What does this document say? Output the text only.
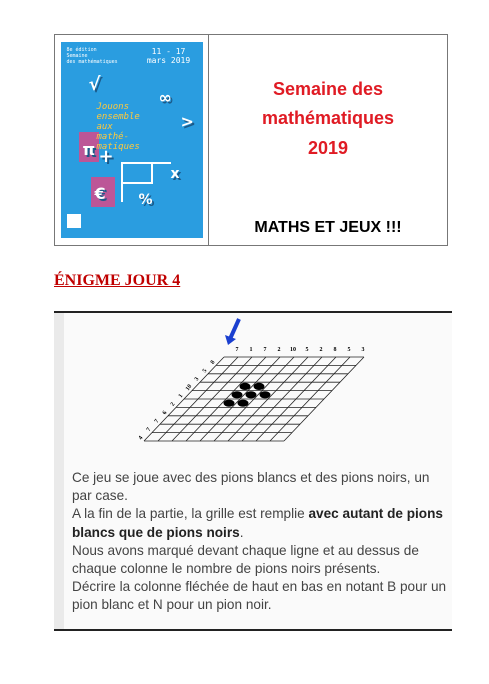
8e édition
Semaine
des mathématiques
11 - 17
mars 2019
√
∞
>
π +
€
x
%
Jouons
ensemble
aux
mathé-
matiques
Semaine des
mathématiques
2019
MATHS ET JEUX !!!
ÉNIGME JOUR 4
7 1 7 2 10 5 2 8 5 3
8
5
3
10
1
2
6
7
7
4

Ce jeu se joue avec des pions blancs et des pions noirs, un par case.

A la fin de la partie, la grille est remplie avec autant de pions blancs que de pions noirs.

Nous avons marqué devant chaque ligne et au dessus de chaque colonne le nombre de pions noirs présents.

Décrire la colonne fléchée de haut en bas en notant B pour un pion blanc et N pour un pion noir.
